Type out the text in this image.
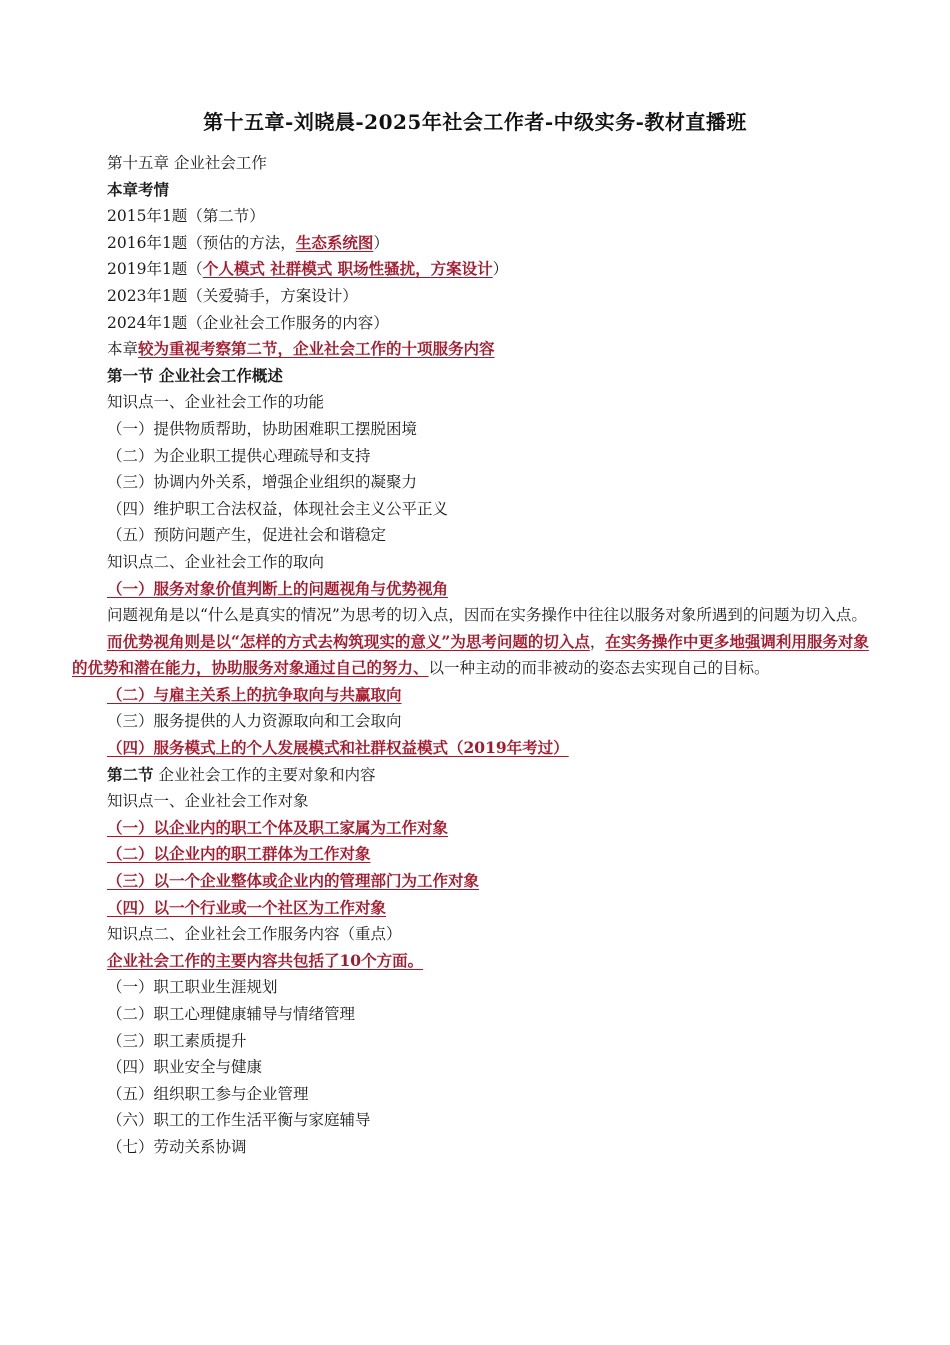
第十五章-刘晓晨-2025年社会工作者-中级实务-教材直播班
第十五章 企业社会工作
本章考情
2015年1题（第二节）
2016年1题（预估的方法，生态系统图）
2019年1题（个人模式 社群模式 职场性骚扰，方案设计）
2023年1题（关爱骑手，方案设计）
2024年1题（企业社会工作服务的内容）
本章较为重视考察第二节，企业社会工作的十项服务内容
第一节 企业社会工作概述
知识点一、企业社会工作的功能
（一）提供物质帮助，协助困难职工摆脱困境
（二）为企业职工提供心理疏导和支持
（三）协调内外关系，增强企业组织的凝聚力
（四）维护职工合法权益，体现社会主义公平正义
（五）预防问题产生，促进社会和谐稳定
知识点二、企业社会工作的取向
（一）服务对象价值判断上的问题视角与优势视角
问题视角是以“什么是真实的情况”为思考的切入点，因而在实务操作中往往以服务对象所遇到的问题为切入点。
而优势视角则是以“怎样的方式去构筑现实的意义”为思考问题的切入点，在实务操作中更多地强调利用服务对象的优势和潜在能力，协助服务对象通过自己的努力、以一种主动的而非被动的姿态去实现自己的目标。
（二）与雇主关系上的抗争取向与共赢取向
（三）服务提供的人力资源取向和工会取向
（四）服务模式上的个人发展模式和社群权益模式（2019年考过）
第二节 企业社会工作的主要对象和内容
知识点一、企业社会工作对象
（一）以企业内的职工个体及职工家属为工作对象
（二）以企业内的职工群体为工作对象
（三）以一个企业整体或企业内的管理部门为工作对象
（四）以一个行业或一个社区为工作对象
知识点二、企业社会工作服务内容（重点）
企业社会工作的主要内容共包括了10个方面。
（一）职工职业生涯规划
（二）职工心理健康辅导与情绪管理
（三）职工素质提升
（四）职业安全与健康
（五）组织职工参与企业管理
（六）职工的工作生活平衡与家庭辅导
（七）劳动关系协调
